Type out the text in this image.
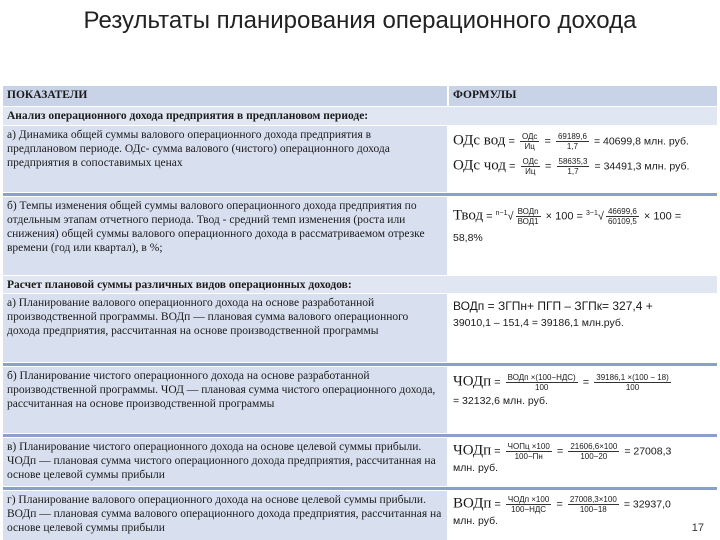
Результаты планирования операционного дохода
ПОКАЗАТЕЛИ	ФОРМУЛЫ
Анализ операционного дохода предприятия в предплановом периоде:
а) Динамика общей суммы валового операционного дохода предприятия в предплановом периоде. ОДс- сумма валового (чистого) операционного дохода предприятия в сопоставимых ценах
ОДс вод = $\frac{\text{ОДс}}{Иц} = \frac{69189,6}{1,7} = 40699,8$ млн. руб.
ОДс чод = $\frac{\text{ОДс}}{Иц} = \frac{58635,3}{1,7} = 34491,3$ млн. руб.
б) Темпы изменения общей суммы валового операционного дохода предприятия по отдельным этапам отчетного периода. Твод - средний темп изменения (роста или снижения) общей суммы валового операционного дохода в рассматриваемом отрезке времени (год или квартал), в %;
Твод = $^{n-1}√ \frac{\text{ВОДn}}{\text{ВОД1}} \times 100 = ^{3-1}√ \frac{46699,6}{60109,5} \times 100$ =
58,8%
Расчет плановой суммы различных видов операционных доходов:
а) Планирование валового операционного дохода на основе разработанной производственной программы. ВОДп — плановая сумма валового операционного дохода предприятия, рассчитанная на основе производственной программы
ВОДп = ЗГПн+ ПГП – ЗГПк= 327,4 +
39010,1 – 151,4 = 39186,1 млн.руб.
б) Планирование чистого операционного дохода на основе разработанной производственной программы. ЧОД — плановая сумма чистого операционного дохода, рассчитанная на основе производственной программы
ЧОДп = $\frac{\text{ВОДп ×(100−НДС)}}{100} = \frac{39186,1 \times(100 - 18)}{100}$
= 32132,6 млн. руб.
в) Планирование чистого операционного дохода на основе целевой суммы прибыли. ЧОДп — плановая сумма чистого операционного дохода предприятия, рассчитанная на основе целевой суммы прибыли
ЧОДп = $\frac{\text{ЧОПц ×100}}{100-Пн} = \frac{21606,6\times 100}{100-20} = 27008,3$
млн. руб.
г) Планирование валового операционного дохода на основе целевой суммы прибыли. ВОДп — плановая сумма валового операционного дохода предприятия, рассчитанная на основе целевой суммы прибыли
ВОДп = $\frac{\text{ЧОДп ×100}}{\text{100−НДС}} = \frac{27008,3\times 100}{100-18} = 32937,0$
млн. руб.
17
